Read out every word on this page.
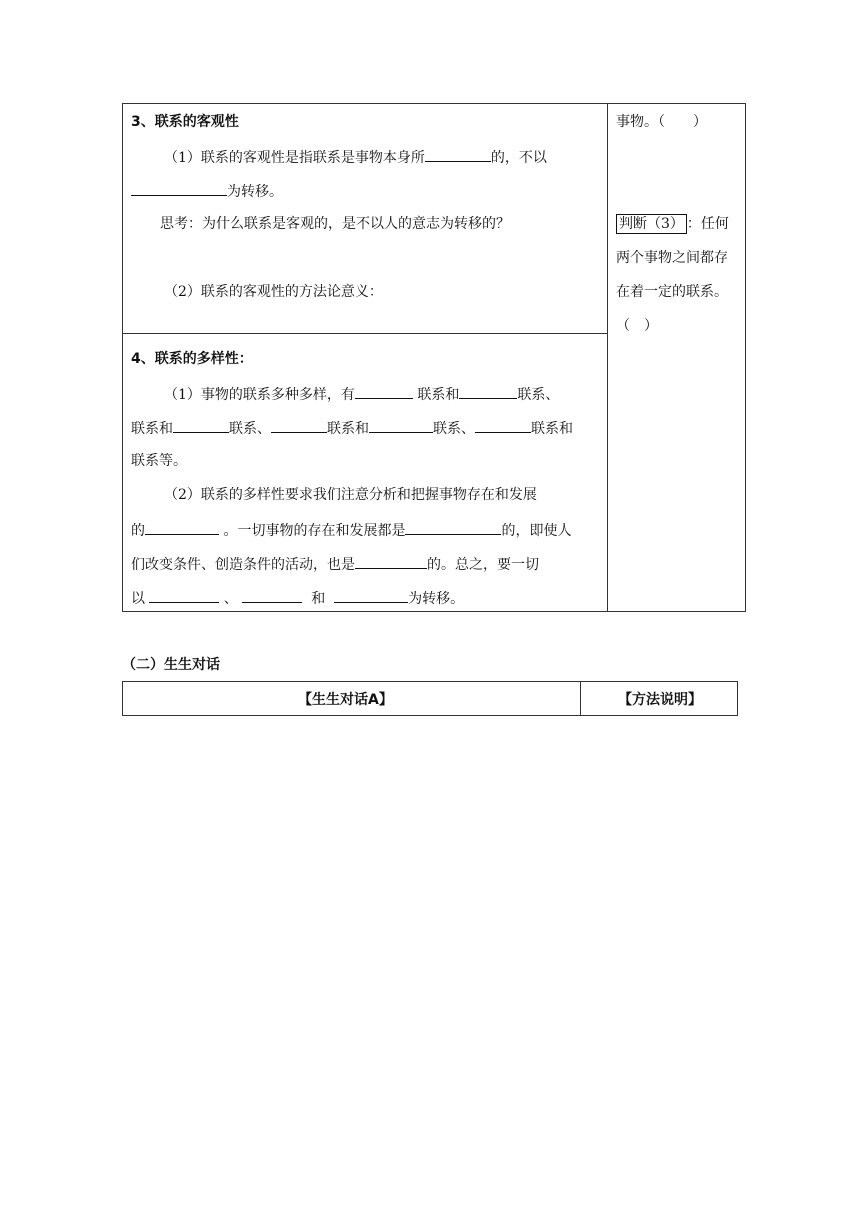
3、联系的客观性
（1）联系的客观性是指联系是事物本身所	的，不以
为转移。
思考：为什么联系是客观的，是不以人的意志为转移的？
（2）联系的客观性的方法论意义：
4、联系的多样性：
（1）事物的联系多种多样，有	联系和	联系、
联系和	联系、	联系和	联系、	联系和
联系等。
（2）联系的多样性要求我们注意分析和把握事物存在和发展
的	。一切事物的存在和发展都是	的，即使人
们改变条件、创造条件的活动，也是	的。总之，要一切
以	、	和	为转移。
事物。（　　）
判断（3） ：任何
两个事物之间都存
在着一定的联系。
（　）
（二）生生对话
【生生对话A】	【方法说明】
